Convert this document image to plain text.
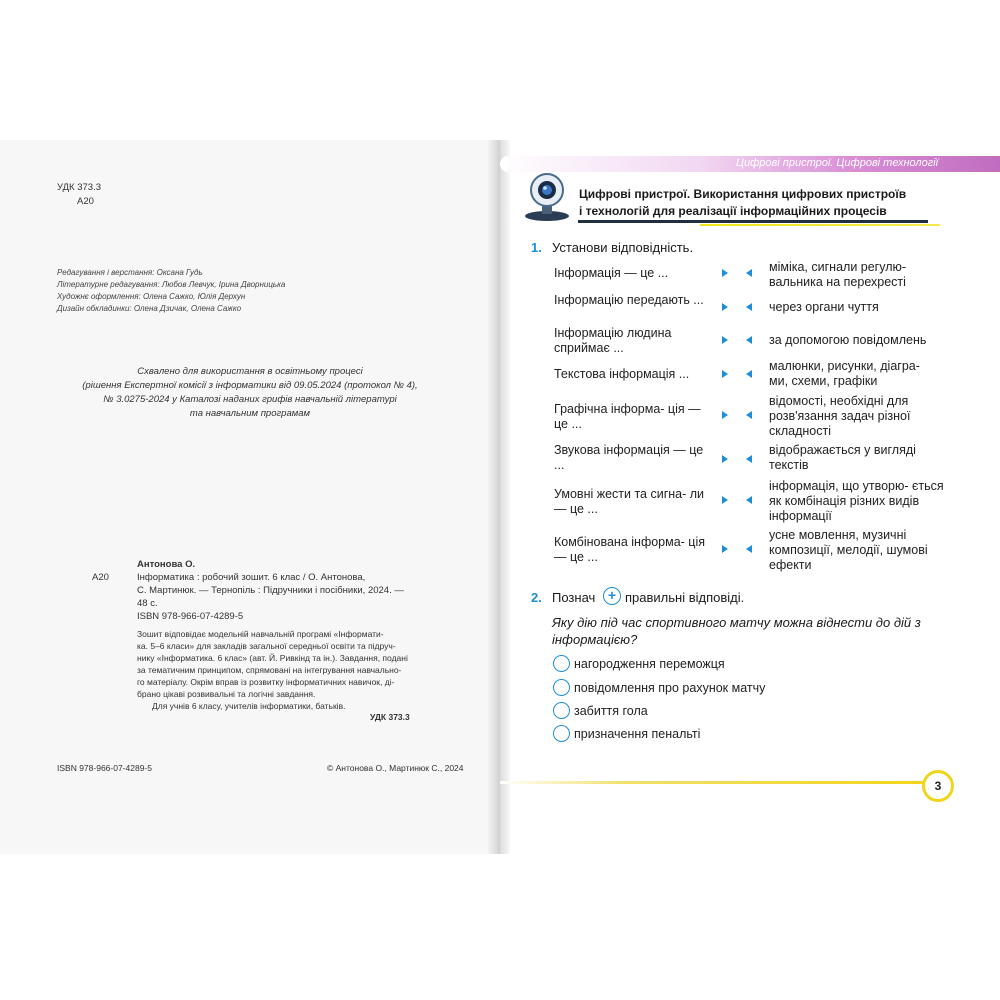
УДК 373.3
А20
Редагування і верстання: Оксана Гудь
Літературне редагування: Любов Левчук, Ірина Дворницька
Художнє оформлення: Олена Сажко, Юлія Дерхун
Дизайн обкладинки: Олена Дзичак, Олена Сажко
Схвалено для використання в освітньому процесі
(рішення Експертної комісії з інформатики від 09.05.2024 (протокол № 4),
№ 3.0275-2024 у Каталозі наданих грифів навчальній літературі
та навчальним програмам
Антонова О.
А20	Інформатика : робочий зошит. 6 клас / О. Антонова,
С. Мартинюк. — Тернопіль : Підручники і посібники, 2024. —
48 с.
ISBN 978-966-07-4289-5
Зошит відповідає модельній навчальній програмі «Інформати-
ка. 5–6 класи» для закладів загальної середньої освіти та підруч-
нику «Інформатика. 6 клас» (авт. Й. Ривкінд та ін.). Завдання, подані
за тематичним принципом, спрямовані на інтегрування навчально-
го матеріалу. Окрім вправ із розвитку інформатичних навичок, ді-
брано цікаві розвивальні та логічні завдання.
Для учнів 6 класу, учителів інформатики, батьків.
УДК 373.3
ISBN 978-966-07-4289-5	© Антонова О., Мартинюк С., 2024
Цифрові пристрої. Цифрові технології
Цифрові пристрої. Використання цифрових пристроїв
і технологій для реалізації інформаційних процесів
1. Установи відповідність.
Інформація — це ...
Інформацію передають ...
Інформацію людина сприймає ...
Текстова інформація ...
Графічна інформа- ція — це ...
Звукова інформація — це ...
Умовні жести та сигна- ли — це ...
Комбінована інформа- ція — це ...
міміка, сигнали регулю- вальника на перехресті
через органи чуття
за допомогою повідомлень
малюнки, рисунки, діагра- ми, схеми, графіки
відомості, необхідні для розв'язання задач різної складності
відображається у вигляді текстів
інформація, що утворю- ється як комбінація різних видів інформації
усне мовлення, музичні композиції, мелодії, шумові ефекти
2. Познач + правильні відповіді.
Яку дію під час спортивного матчу можна віднести до дій з
інформацією?
нагородження переможця
повідомлення про рахунок матчу
забиття гола
призначення пенальті
3
